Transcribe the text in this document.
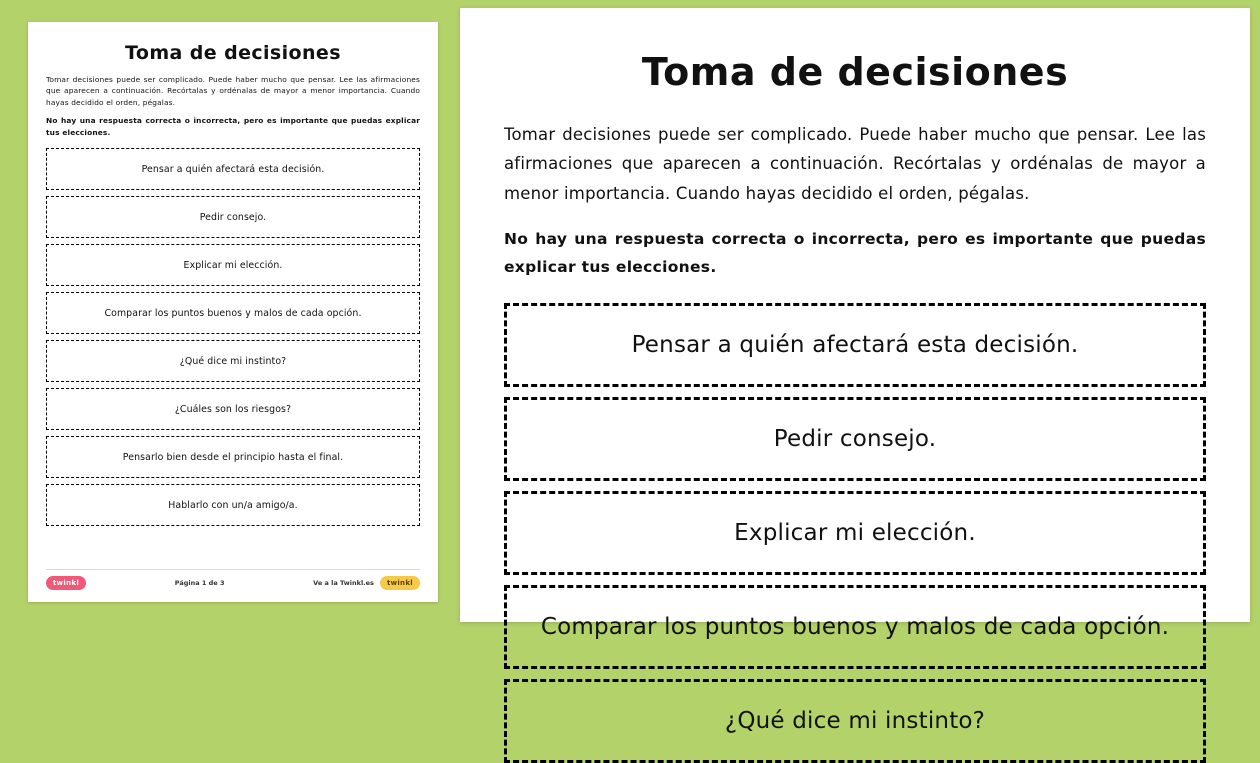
Toma de decisiones

Tomar decisiones puede ser complicado. Puede haber mucho que pensar. Lee las afirmaciones que aparecen a continuación. Recórtalas y ordénalas de mayor a menor importancia. Cuando hayas decidido el orden, pégalas.

No hay una respuesta correcta o incorrecta, pero es importante que puedas explicar tus elecciones.

Pensar a quién afectará esta decisión.
Pedir consejo.
Explicar mi elección.
Comparar los puntos buenos y malos de cada opción.
¿Qué dice mi instinto?
¿Cuáles son los riesgos?
Pensarlo bien desde el principio hasta el final.
Hablarlo con un/a amigo/a.
twinkl	Página 1 de 3	Ve a la Twinkl.es	twinkl
Toma de decisiones

Tomar decisiones puede ser complicado. Puede haber mucho que pensar. Lee las afirmaciones que aparecen a continuación. Recórtalas y ordénalas de mayor a menor importancia. Cuando hayas decidido el orden, pégalas.

No hay una respuesta correcta o incorrecta, pero es importante que puedas explicar tus elecciones.

Pensar a quién afectará esta decisión.
Pedir consejo.
Explicar mi elección.
Comparar los puntos buenos y malos de cada opción.
¿Qué dice mi instinto?
